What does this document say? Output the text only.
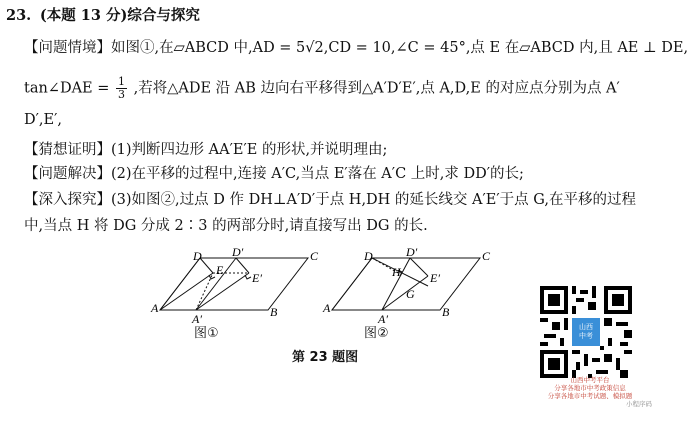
23. (本题 13 分)综合与探究
【问题情境】如图①,在▱ABCD 中,AD = 5√2,CD = 10,∠C = 45°,点 E 在▱ABCD 内,且 AE ⊥ DE,
tan∠DAE = $\frac{1}{3}$ ,若将△ADE 沿 AB 边向右平移得到△A′D′E′,点 A,D,E 的对应点分别为点 A′
D′,E′,
【猜想证明】(1)判断四边形 AA′E′E 的形状,并说明理由;
【问题解决】(2)在平移的过程中,连接 A′C,当点 E′落在 A′C 上时,求 DD′的长;
【深入探究】(3)如图②,过点 D 作 DH⊥A′D′于点 H,DH 的延长线交 A′E′于点 G,在平移的过程
中,当点 H 将 DG 分成 2∶3 的两部分时,请直接写出 DG 的长.
D	D′	C
E
E′
A
A′	B
图①
D	D′	C
H E′
G
A
A′	B
图②
第 23 题图
山西
中考
山西中考平台
分享各地市中考政策信息
分享各地市中考试题、模拟题
小程序码
